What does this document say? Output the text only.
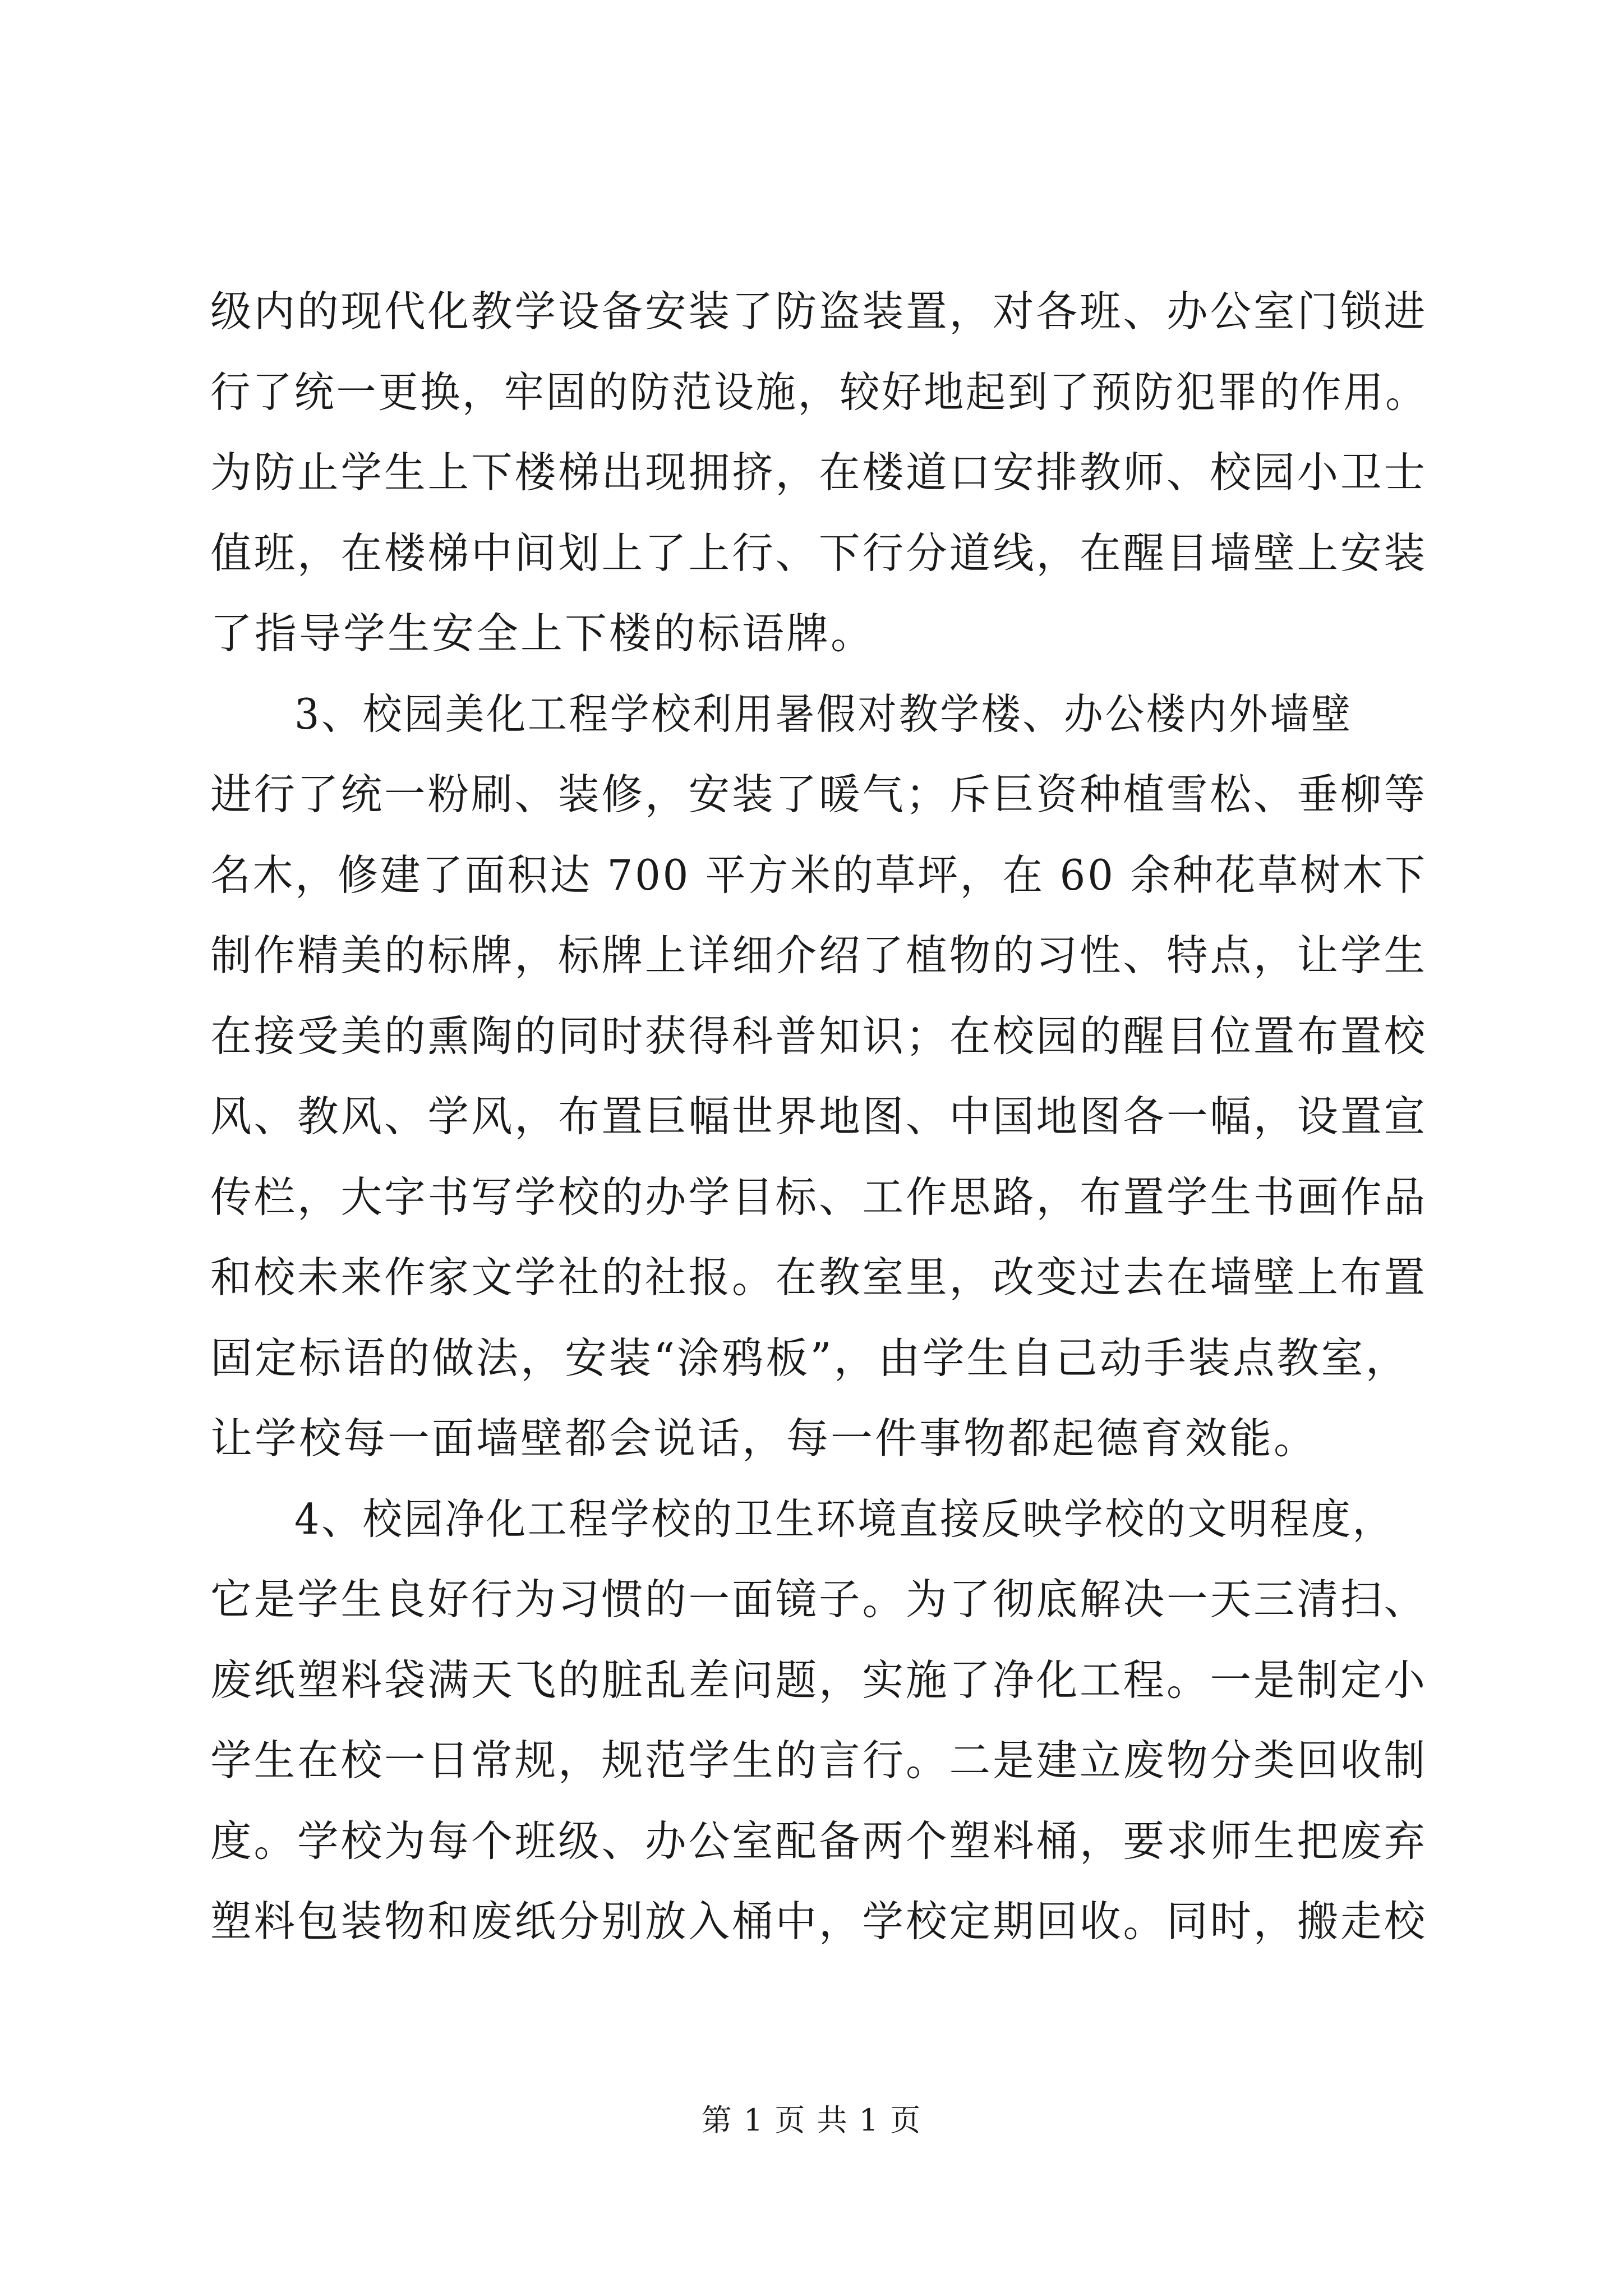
级内的现代化教学设备安装了防盗装置，对各班、办公室门锁进
行了统一更换，牢固的防范设施，较好地起到了预防犯罪的作用。
为防止学生上下楼梯出现拥挤，在楼道口安排教师、校园小卫士
值班，在楼梯中间划上了上行、下行分道线，在醒目墙壁上安装
了指导学生安全上下楼的标语牌。
3、校园美化工程学校利用暑假对教学楼、办公楼内外墙壁
进行了统一粉刷、装修，安装了暖气；斥巨资种植雪松、垂柳等
名木，修建了面积达 700 平方米的草坪，在 60 余种花草树木下
制作精美的标牌，标牌上详细介绍了植物的习性、特点，让学生
在接受美的熏陶的同时获得科普知识；在校园的醒目位置布置校
风、教风、学风，布置巨幅世界地图、中国地图各一幅，设置宣
传栏，大字书写学校的办学目标、工作思路，布置学生书画作品
和校未来作家文学社的社报。在教室里，改变过去在墙壁上布置
固定标语的做法，安装“涂鸦板”，由学生自己动手装点教室，
让学校每一面墙壁都会说话，每一件事物都起德育效能。
4、校园净化工程学校的卫生环境直接反映学校的文明程度，
它是学生良好行为习惯的一面镜子。为了彻底解决一天三清扫、
废纸塑料袋满天飞的脏乱差问题，实施了净化工程。一是制定小
学生在校一日常规，规范学生的言行。二是建立废物分类回收制
度。学校为每个班级、办公室配备两个塑料桶，要求师生把废弃
塑料包装物和废纸分别放入桶中，学校定期回收。同时，搬走校
第 1 页 共 1 页
